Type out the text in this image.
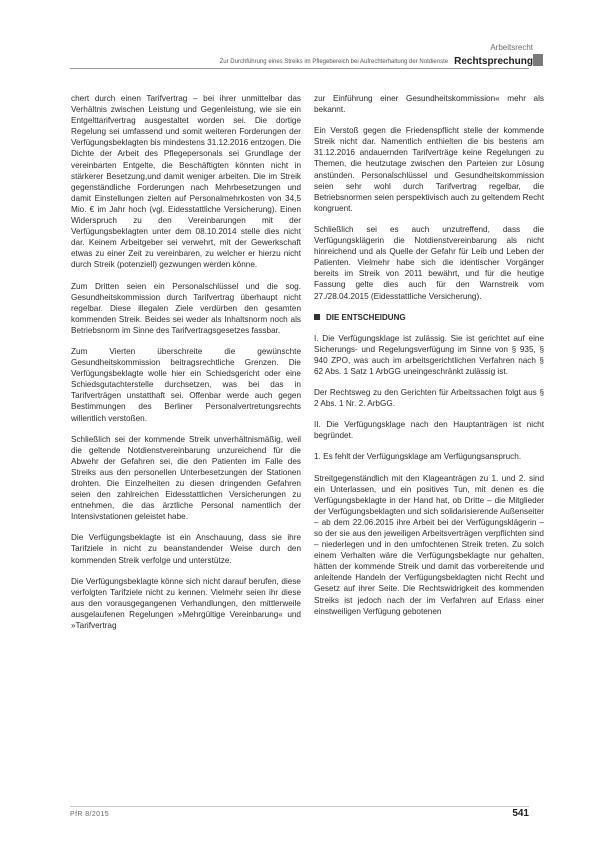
Arbeitsrecht
Zur Durchführung eines Streiks im Pflegebereich bei Aufrechterhaltung der Notdienste Rechtsprechung

chert durch einen Tarifvertrag – bei ihrer unmittelbar das Verhältnis zwischen Leistung und Gegenleistung, wie sie ein Entgelttarifvertrag ausgestaltet worden sei. Die dortige Regelung sei umfassend und somit weiteren Forderungen der Verfügungsbeklagten bis mindestens 31.12.2016 entzogen. Die Dichte der Arbeit des Pflegepersonals sei Grundlage der vereinbarten Entgelte, die Beschäftigten könnten nicht in stärkerer Besetzung,und damit weniger arbeiten. Die im Streik gegenständliche Forderungen nach Mehrbesetzungen und damit Einstellungen zielten auf Personalmehrkosten von 34,5 Mio. € im Jahr hoch (vgl. Eidesstattliche Versicherung). Einen Widerspruch zu den Vereinbarungen mit der Verfügungsbeklagten unter dem 08.10.2014 stelle dies nicht dar. Keinem Arbeitgeber sei verwehrt, mit der Gewerkschaft etwas zu einer Zeit zu vereinbaren, zu welcher er hierzu nicht durch Streik (potenziell) gezwungen werden könne.

Zum Dritten seien ein Personalschlüssel und die sog. Gesundheitskommission durch Tarifvertrag überhaupt nicht regelbar. Diese illegalen Ziele verdürben den gesamten kommenden Streik. Beides sei weder als Inhaltsnorm noch als Betriebsnorm im Sinne des Tarifvertragsgesetzes fassbar.

Zum Vierten überschreite die gewünschte Gesundheitskommission beitragsrechtliche Grenzen. Die Verfügungsbeklagte wolle hier ein Schiedsgericht oder eine Schiedsgutachterstelle durchsetzen, was bei das in Tarifverträgen unstatthaft sei. Offenbar werde auch gegen Bestimmungen des Berliner Personalvertretungsrechts willentlich verstoßen.

Schließlich sei der kommende Streik unverhältnismäßig, weil die geltende Notdienstvereinbarung unzureichend für die Abwehr der Gefahren sei, die den Patienten im Falle des Streiks aus den personellen Unterbesetzungen der Stationen drohten. Die Einzelheiten zu diesen dringenden Gefahren seien den zahlreichen Eidesstattlichen Versicherungen zu entnehmen, die das ärztliche Personal namentlich der Intensivstationen geleistet habe.

Die Verfügungsbeklagte ist ein Anschauung, dass sie ihre Tarifziele in nicht zu beanstandender Weise durch den kommenden Streik verfolge und unterstütze.

Die Verfügungsbeklagte könne sich nicht darauf berufen, diese verfolgten Tarifziele nicht zu kennen. Vielmehr seien ihr diese aus den vorausgegangenen Verhandlungen, den mittlerweile ausgelaufenen Regelungen »Mehrgültige Vereinbarung« und »Tarifvertrag

zur Einführung einer Gesundheitskommission« mehr als bekannt.

Ein Verstoß gegen die Friedenspflicht stelle der kommende Streik nicht dar. Namentlich enthielten die bis bestens am 31.12.2016 andauernden Tarifverträge keine Regelungen zu Themen, die heutzutage zwischen den Parteien zur Lösung anstünden. Personalschlüssel und Gesundheitskommission seien sehr wohl durch Tarifvertrag regelbar, die Betriebsnormen seien perspektivisch auch zu geltendem Recht kongruent.

Schließlich sei es auch unzutreffend, dass die Verfügungsklägerin die Notdienstvereinbarung als nicht hinreichend und als Quelle der Gefahr für Leib und Leben der Patienten. Vielmehr habe sich die identischer Vorgänger bereits im Streik von 2011 bewährt, und für die heutige Fassung gelte dies auch für den Warnstreik vom 27./28.04.2015 (Eidesstattliche Versicherung).

DIE ENTSCHEIDUNG

I. Die Verfügungsklage ist zulässig. Sie ist gerichtet auf eine Sicherungs- und Regelungsverfügung im Sinne von § 935, § 940 ZPO, was auch im arbeitsgerichtlichen Verfahren nach § 62 Abs. 1 Satz 1 ArbGG uneingeschränkt zulässig ist.

Der Rechtsweg zu den Gerichten für Arbeitssachen folgt aus § 2 Abs. 1 Nr. 2. ArbGG.

II. Die Verfügungsklage nach den Hauptanträgen ist nicht begründet.

1. Es fehlt der Verfügungsklage am Verfügungsanspruch.

Streitgegenständlich mit den Klageanträgen zu 1. und 2. sind ein Unterlassen, und ein positives Tun, mit denen es die Verfügungsbeklagte in der Hand hat, ob Dritte – die Mitglieder der Verfügungsbeklagten und sich solidarisierende Außenseiter – ab dem 22.06.2015 ihre Arbeit bei der Verfügungsklägerin – so der sie aus den jeweiligen Arbeitsverträgen verpflichten sind – niederlegen und in den umfochtenen Streik treten. Zu solch einem Verhalten wäre die Verfügungsbeklagte nur gehalten, hätten der kommende Streik und damit das vorbereitende und anleitende Handeln der Verfügungsbeklagten nicht Recht und Gesetz auf ihrer Seite. Die Rechtswidrigkeit des kommenden Streiks ist jedoch nach der im Verfahren auf Erlass einer einstweiligen Verfügung gebotenen

PfR 8/2015	541
